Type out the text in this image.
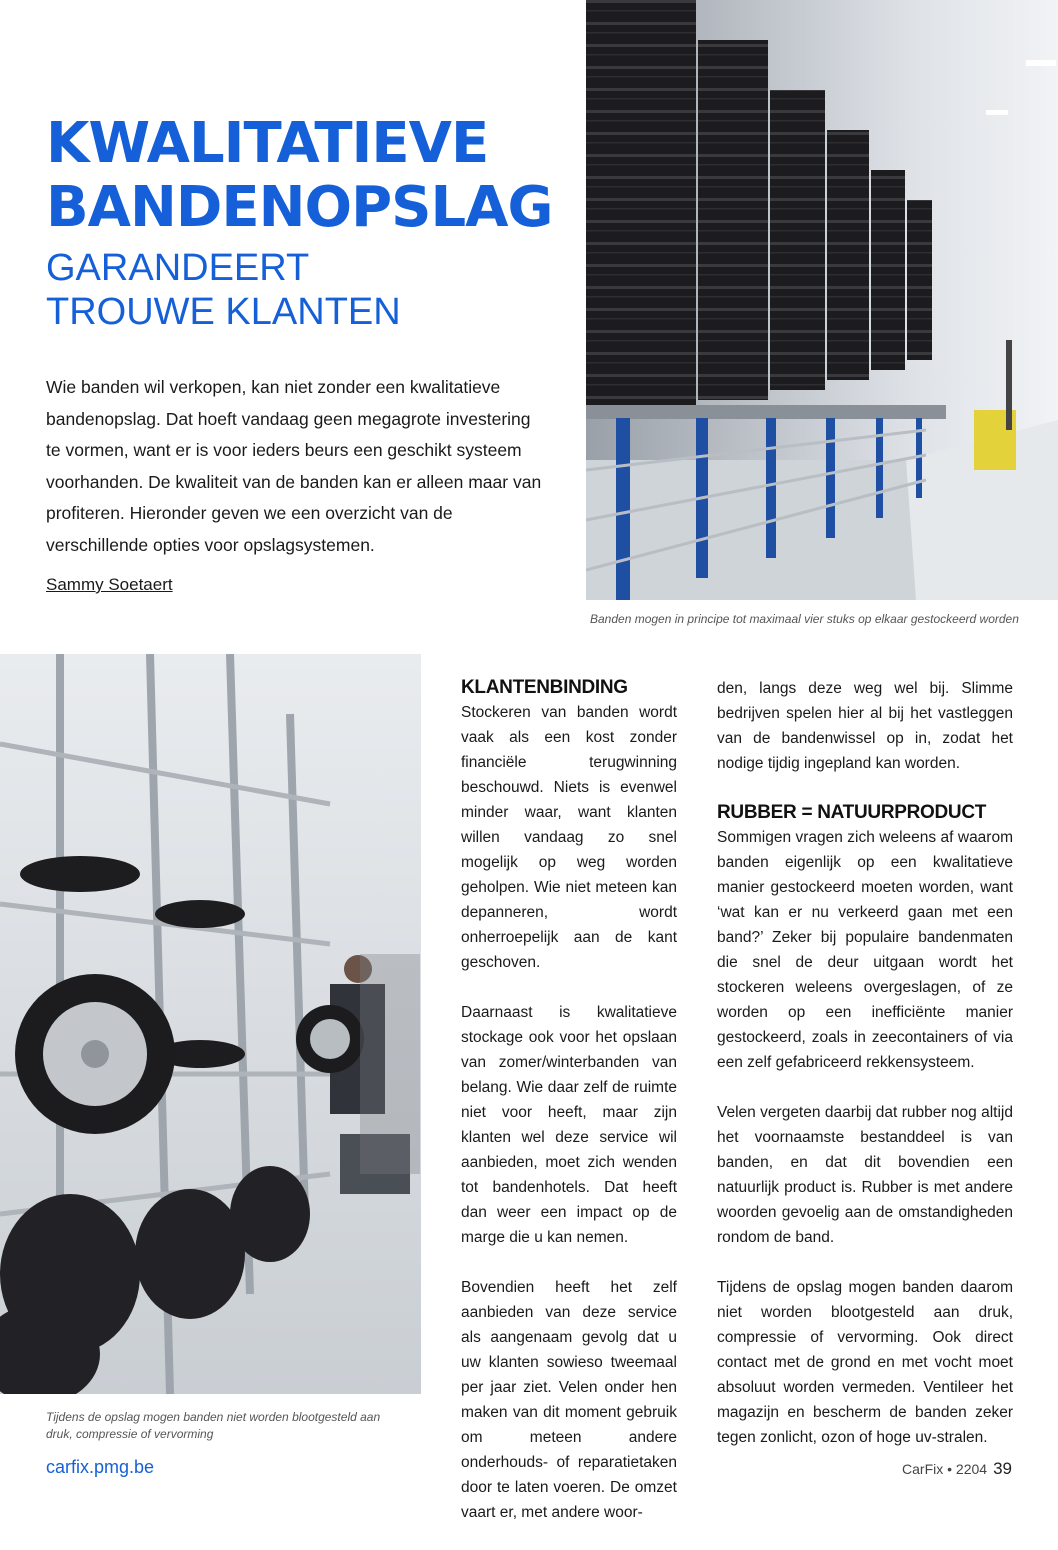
KWALITATIEVE
BANDENOPSLAG
GARANDEERT
TROUWE KLANTEN

Wie banden wil verkopen, kan niet zonder een kwalitatieve bandenopslag. Dat hoeft vandaag geen megagrote investering te vormen, want er is voor ieders beurs een geschikt systeem voorhanden. De kwaliteit van de banden kan er alleen maar van profiteren. Hieronder geven we een overzicht van de verschillende opties voor opslagsystemen.

Sammy Soetaert
Banden mogen in principe tot maximaal vier stuks op elkaar gestockeerd worden
Tijdens de opslag mogen banden niet worden blootgesteld aan druk, compressie of vervorming
KLANTENBINDING

Stockeren van banden wordt vaak als een kost zonder financiële terugwinning beschouwd. Niets is evenwel minder waar, want klanten willen vandaag zo snel mogelijk op weg worden geholpen. Wie niet meteen kan depanneren, wordt onherroepelijk aan de kant geschoven.

Daarnaast is kwalitatieve stockage ook voor het opslaan van zomer/winterbanden van belang. Wie daar zelf de ruimte niet voor heeft, maar zijn klanten wel deze service wil aanbieden, moet zich wenden tot bandenhotels. Dat heeft dan weer een impact op de marge die u kan nemen.

Bovendien heeft het zelf aanbieden van deze service als aangenaam gevolg dat u uw klanten sowieso tweemaal per jaar ziet. Velen onder hen maken van dit moment gebruik om meteen andere onderhouds- of reparatietaken door te laten voeren. De omzet vaart er, met andere woor-

den, langs deze weg wel bij. Slimme bedrijven spelen hier al bij het vastleggen van de bandenwissel op in, zodat het nodige tijdig ingepland kan worden.

RUBBER = NATUURPRODUCT

Sommigen vragen zich weleens af waarom banden eigenlijk op een kwalitatieve manier gestockeerd moeten worden, want ‘wat kan er nu verkeerd gaan met een band?’ Zeker bij populaire bandenmaten die snel de deur uitgaan wordt het stockeren weleens overgeslagen, of ze worden op een inefficiënte manier gestockeerd, zoals in zeecontainers of via een zelf gefabriceerd rekkensysteem.

Velen vergeten daarbij dat rubber nog altijd het voornaamste bestanddeel is van banden, en dat dit bovendien een natuurlijk product is. Rubber is met andere woorden gevoelig aan de omstandigheden rondom de band.

Tijdens de opslag mogen banden daarom niet worden blootgesteld aan druk, compressie of vervorming. Ook direct contact met de grond en met vocht moet absoluut worden vermeden. Ventileer het magazijn en bescherm de banden zeker tegen zonlicht, ozon of hoge uv-stralen.

carfix.pmg.be	CarFix • 2204 39
